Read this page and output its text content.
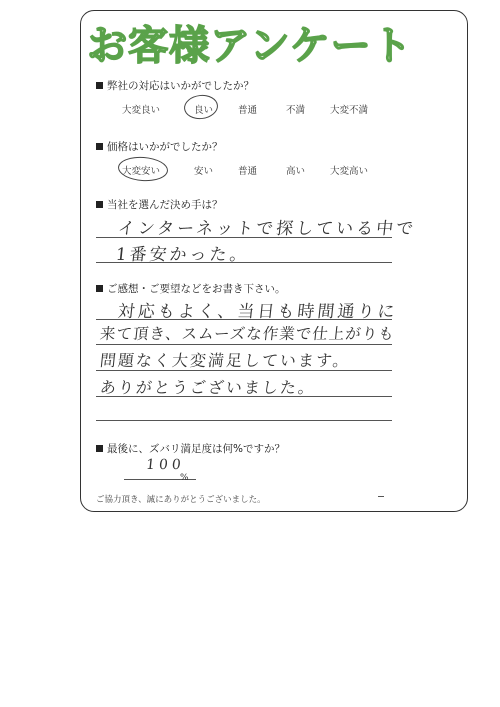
お客様アンケート
弊社の対応はいかがでしたか？
大変良い	良い	普通	不満	大変不満
価格はいかがでしたか？
大変安い	安い	普通	高い	大変高い
当社を選んだ決め手は？
インターネットで探している中で
1番安かった。
ご感想・ご要望などをお書き下さい。
対応もよく、当日も時間通りに
来て頂き、スムーズな作業で仕上がりも
問題なく大変満足しています。
ありがとうございました。
最後に、ズバリ満足度は何%ですか？
100
%
ご協力頂き、誠にありがとうございました。
